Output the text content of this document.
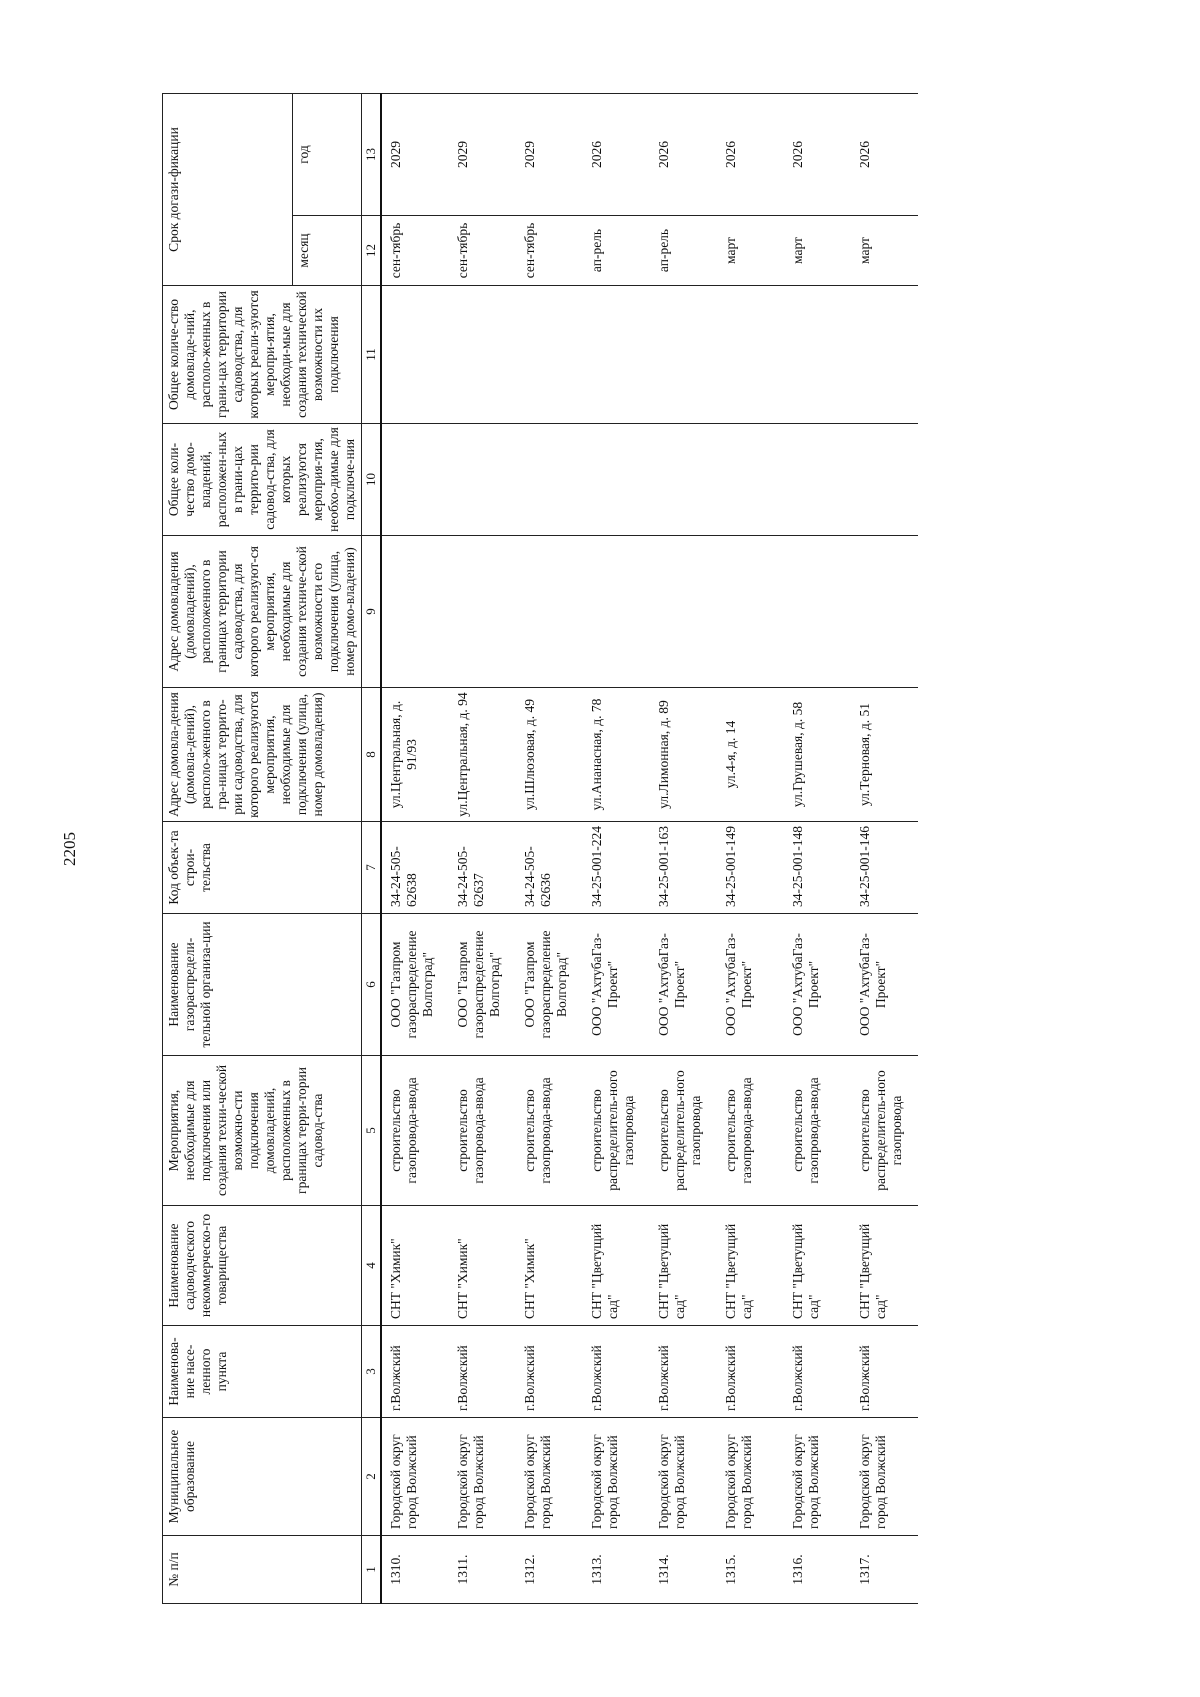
2205
№ п/п	Муниципальное образование	Наименова-ние насе-ленного пункта	Наименование садоводческого некоммерческо-го товарищества	Мероприятия, необходимые для подключения или создания техни-ческой возможно-сти подключения домовладений, расположенных в границах терри-тории садовод-ства	Наименование газораспредели-тельной организа-ции	Код объек-та строи-тельства	Адрес домовла-дения (домовла-дений), располо-женного в гра-ницах террито-рии садоводства, для которого реализуются мероприятия, необходимые для подключения (улица, номер домовладения)	Адрес домовладения (домовладений), расположенного в границах территории садоводства, для которого реализуют-ся мероприятия, необходимые для создания техниче-ской возможности его подключения (улица, номер домо-владения)	Общее коли-чество домо-владений, расположен-ных в грани-цах террито-рии садовод-ства, для которых реализуются мероприя-тия, необхо-димые для подключе-ния	Общее количе-ство домовладе-ний, располо-женных в грани-цах территории садоводства, для которых реали-зуются меропри-ятия, необходи-мые для создания технической возможности их подключения	Срок догази-фикации	
											месяц	год
1	2	3	4	5	6	7	8	9	10	11	12	13
1310.	Городской округ город Волжский	г.Волжский	СНТ "Химик"	строительство газопровода-ввода	ООО "Газпром газораспределение Волгоград"	34-24-505-62638	ул.Центральная, д. 91/93				сен-тябрь	2029
1311.	Городской округ город Волжский	г.Волжский	СНТ "Химик"	строительство газопровода-ввода	ООО "Газпром газораспределение Волгоград"	34-24-505-62637	ул.Центральная, д. 94				сен-тябрь	2029
1312.	Городской округ город Волжский	г.Волжский	СНТ "Химик"	строительство газопровода-ввода	ООО "Газпром газораспределение Волгоград"	34-24-505-62636	ул.Шлюзовая, д. 49				сен-тябрь	2029
1313.	Городской округ город Волжский	г.Волжский	СНТ "Цветущий сад"	строительство распределитель-ного газопровода	ООО "АхтубаГаз-Проект"	34-25-001-224	ул.Ананасная, д. 78				ап-рель	2026
1314.	Городской округ город Волжский	г.Волжский	СНТ "Цветущий сад"	строительство распределитель-ного газопровода	ООО "АхтубаГаз-Проект"	34-25-001-163	ул.Лимонная, д. 89				ап-рель	2026
1315.	Городской округ город Волжский	г.Волжский	СНТ "Цветущий сад"	строительство газопровода-ввода	ООО "АхтубаГаз-Проект"	34-25-001-149	ул.4-я, д. 14				март	2026
1316.	Городской округ город Волжский	г.Волжский	СНТ "Цветущий сад"	строительство газопровода-ввода	ООО "АхтубаГаз-Проект"	34-25-001-148	ул.Грушевая, д. 58				март	2026
1317.	Городской округ город Волжский	г.Волжский	СНТ "Цветущий сад"	строительство распределитель-ного газопровода	ООО "АхтубаГаз-Проект"	34-25-001-146	ул.Терновая, д. 51				март	2026
